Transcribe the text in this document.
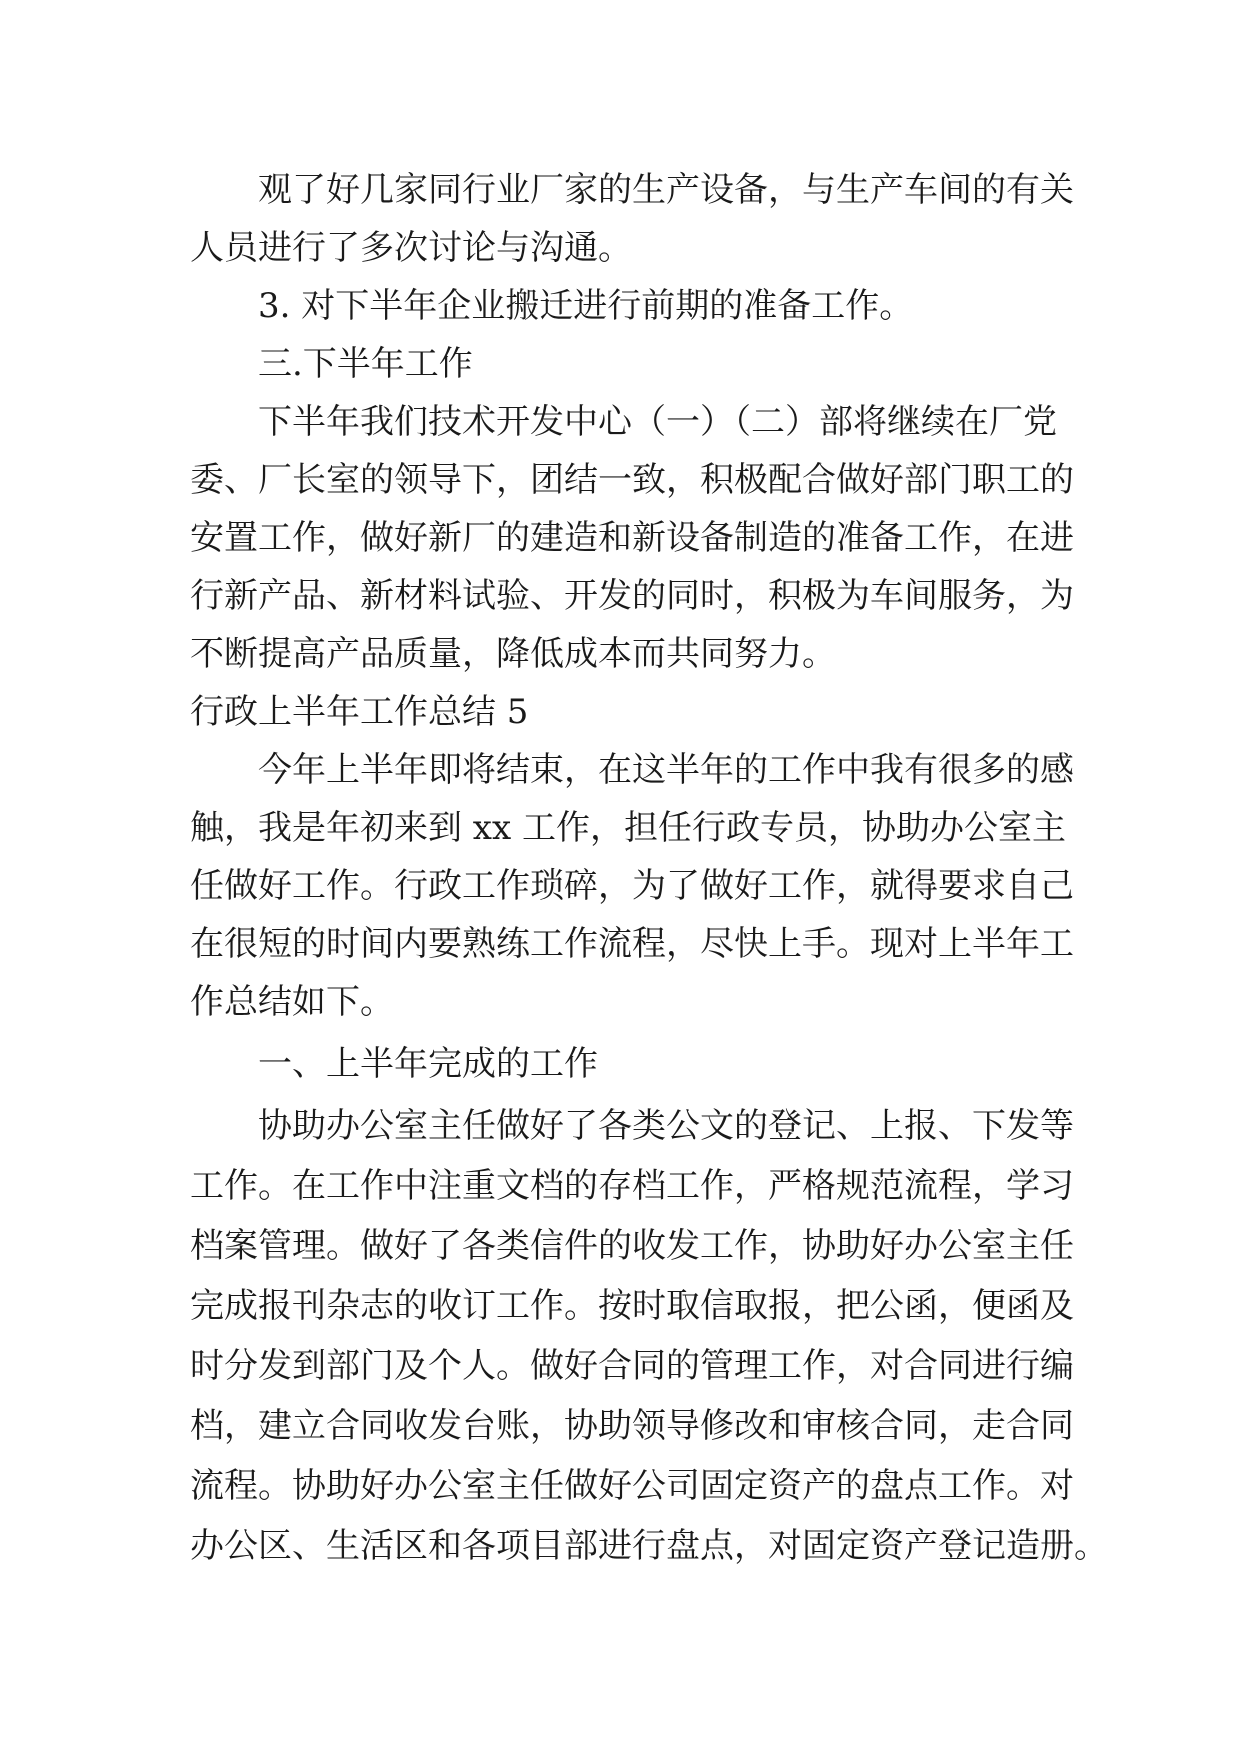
观了好几家同行业厂家的生产设备，与生产车间的有关
人员进行了多次讨论与沟通。
3. 对下半年企业搬迁进行前期的准备工作。
三.下半年工作
下半年我们技术开发中心（一）（二）部将继续在厂党
委、厂长室的领导下，团结一致，积极配合做好部门职工的
安置工作，做好新厂的建造和新设备制造的准备工作，在进
行新产品、新材料试验、开发的同时，积极为车间服务，为
不断提高产品质量，降低成本而共同努力。
行政上半年工作总结 5
今年上半年即将结束，在这半年的工作中我有很多的感
触，我是年初来到 xx 工作，担任行政专员，协助办公室主
任做好工作。行政工作琐碎，为了做好工作，就得要求自己
在很短的时间内要熟练工作流程，尽快上手。现对上半年工
作总结如下。
一、上半年完成的工作
协助办公室主任做好了各类公文的登记、上报、下发等
工作。在工作中注重文档的存档工作，严格规范流程，学习
档案管理。做好了各类信件的收发工作，协助好办公室主任
完成报刊杂志的收订工作。按时取信取报，把公函，便函及
时分发到部门及个人。做好合同的管理工作，对合同进行编
档，建立合同收发台账，协助领导修改和审核合同，走合同
流程。协助好办公室主任做好公司固定资产的盘点工作。对
办公区、生活区和各项目部进行盘点，对固定资产登记造册。
